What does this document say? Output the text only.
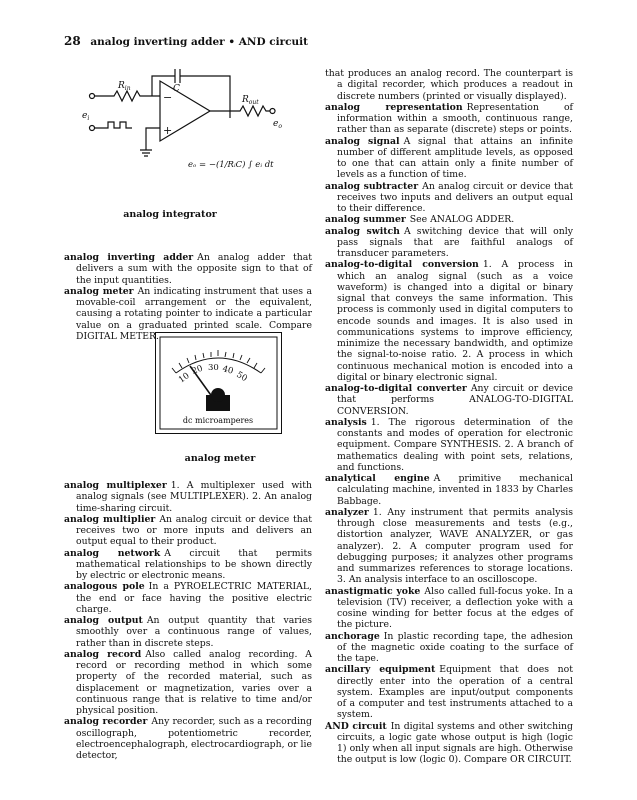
28 analog inverting adder • AND circuit
$R_{in}$	C
$R_{out}$
$e_i$
$e_o$
−
+
eₒ = −(1/RᵢC) ∫ eᵢ dt
analog integrator
analog inverting adder An analog adder that delivers a sum with the opposite sign to that of the input quantities.
analog meter An indicating instrument that uses a movable-coil arrangement or the equivalent, causing a rotating pointer to indicate a particular value on a graduated printed scale. Compare DIGITAL METER.
10
20 30 40 50
dc microamperes
analog meter
analog multiplexer 1. A multiplexer used with analog signals (see MULTIPLEXER). 2. An analog time-sharing circuit.
analog multiplier An analog circuit or device that receives two or more inputs and delivers an output equal to their product.
analog network A circuit that permits mathematical relationships to be shown directly by electric or electronic means.
analogous pole In a PYROELECTRIC MATERIAL, the end or face having the positive electric charge.
analog output An output quantity that varies smoothly over a continuous range of values, rather than in discrete steps.
analog record Also called analog recording. A record or recording method in which some property of the recorded material, such as displacement or magnetization, varies over a continuous range that is relative to time and/or physical position.
analog recorder Any recorder, such as a recording oscillograph, potentiometric recorder, electroencephalograph, electrocardiograph, or lie detector,
that produces an analog record. The counterpart is a digital recorder, which produces a readout in discrete numbers (printed or visually displayed).
analog representation Representation of information within a smooth, continuous range, rather than as separate (discrete) steps or points.
analog signal A signal that attains an infinite number of different amplitude levels, as opposed to one that can attain only a finite number of levels as a function of time.
analog subtracter An analog circuit or device that receives two inputs and delivers an output equal to their difference.
analog summer See ANALOG ADDER.
analog switch A switching device that will only pass signals that are faithful analogs of transducer parameters.
analog-to-digital conversion 1. A process in which an analog signal (such as a voice waveform) is changed into a digital or binary signal that conveys the same information. This process is commonly used in digital computers to encode sounds and images. It is also used in communications systems to improve efficiency, minimize the necessary bandwidth, and optimize the signal-to-noise ratio. 2. A process in which continuous mechanical motion is encoded into a digital or binary electronic signal.
analog-to-digital converter Any circuit or device that performs ANALOG-TO-DIGITAL CONVERSION.
analysis 1. The rigorous determination of the constants and modes of operation for electronic equipment. Compare SYNTHESIS. 2. A branch of mathematics dealing with point sets, relations, and functions.
analytical engine A primitive mechanical calculating machine, invented in 1833 by Charles Babbage.
analyzer 1. Any instrument that permits analysis through close measurements and tests (e.g., distortion analyzer, WAVE ANALYZER, or gas analyzer). 2. A computer program used for debugging purposes; it analyzes other programs and summarizes references to storage locations. 3. An analysis interface to an oscilloscope.
anastigmatic yoke Also called full-focus yoke. In a television (TV) receiver, a deflection yoke with a cosine winding for better focus at the edges of the picture.
anchorage In plastic recording tape, the adhesion of the magnetic oxide coating to the surface of the tape.
ancillary equipment Equipment that does not directly enter into the operation of a central system. Examples are input/output components of a computer and test instruments attached to a system.
AND circuit In digital systems and other switching circuits, a logic gate whose output is high (logic 1) only when all input signals are high. Otherwise the output is low (logic 0). Compare OR CIRCUIT.
